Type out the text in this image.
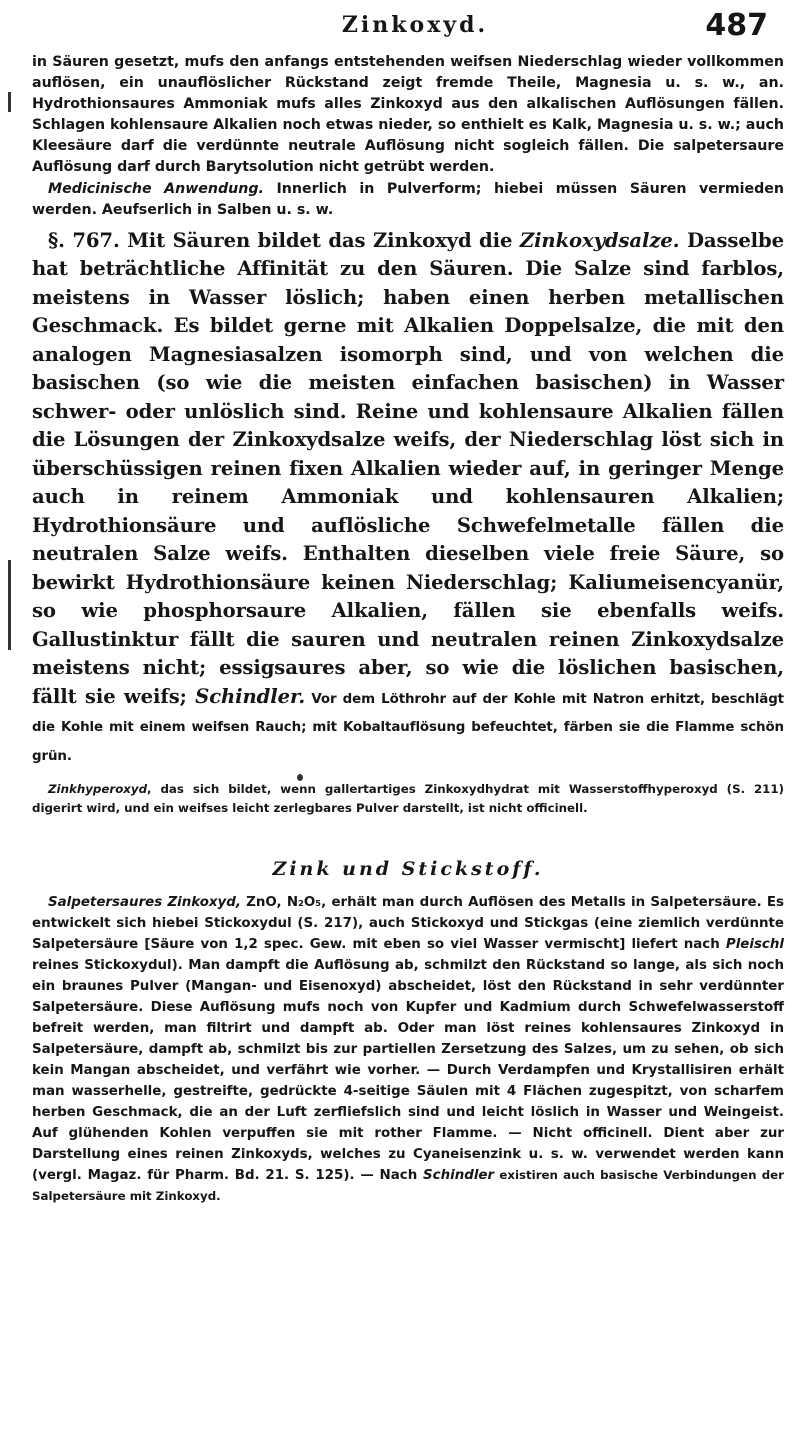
Zinkoxyd.	487

in Säuren gesetzt, mufs den anfangs entstehenden weifsen Niederschlag wieder vollkommen auflösen, ein unauflöslicher Rückstand zeigt fremde Theile, Magnesia u. s. w., an. Hydrothionsaures Ammoniak mufs alles Zinkoxyd aus den alkalischen Auflösungen fällen. Schlagen kohlensaure Alkalien noch etwas nieder, so enthielt es Kalk, Magnesia u. s. w.; auch Kleesäure darf die verdünnte neutrale Auflösung nicht sogleich fällen. Die salpetersaure Auflösung darf durch Barytsolution nicht getrübt werden.

Medicinische Anwendung. Innerlich in Pulverform; hiebei müssen Säuren vermieden werden. Aeufserlich in Salben u. s. w.

§. 767. Mit Säuren bildet das Zinkoxyd die Zinkoxydsalze. Dasselbe hat beträchtliche Affinität zu den Säuren. Die Salze sind farblos, meistens in Wasser löslich; haben einen herben metallischen Geschmack. Es bildet gerne mit Alkalien Doppelsalze, die mit den analogen Magnesiasalzen isomorph sind, und von welchen die basischen (so wie die meisten einfachen basischen) in Wasser schwer- oder unlöslich sind. Reine und kohlensaure Alkalien fällen die Lösungen der Zinkoxydsalze weifs, der Niederschlag löst sich in überschüssigen reinen fixen Alkalien wieder auf, in geringer Menge auch in reinem Ammoniak und kohlensauren Alkalien; Hydrothionsäure und auflösliche Schwefelmetalle fällen die neutralen Salze weifs. Enthalten dieselben viele freie Säure, so bewirkt Hydrothionsäure keinen Niederschlag; Kaliumeisencyanür, so wie phosphorsaure Alkalien, fällen sie ebenfalls weifs. Gallustinktur fällt die sauren und neutralen reinen Zinkoxydsalze meistens nicht; essigsaures aber, so wie die löslichen basischen, fällt sie weifs; Schindler. Vor dem Löthrohr auf der Kohle mit Natron erhitzt, beschlägt die Kohle mit einem weifsen Rauch; mit Kobaltauflösung befeuchtet, färben sie die Flamme schön grün.

Zinkhyperoxyd, das sich bildet, wenn gallertartiges Zinkoxydhydrat mit Wasserstoffhyperoxyd (S. 211) digerirt wird, und ein weifses leicht zerlegbares Pulver darstellt, ist nicht officinell.

Zink und Stickstoff.

Salpetersaures Zinkoxyd, ZnO, N₂O₅, erhält man durch Auflösen des Metalls in Salpetersäure. Es entwickelt sich hiebei Stickoxydul (S. 217), auch Stickoxyd und Stickgas (eine ziemlich verdünnte Salpetersäure [Säure von 1,2 spec. Gew. mit eben so viel Wasser vermischt] liefert nach Pleischl reines Stickoxydul). Man dampft die Auflösung ab, schmilzt den Rückstand so lange, als sich noch ein braunes Pulver (Mangan- und Eisenoxyd) abscheidet, löst den Rückstand in sehr verdünnter Salpetersäure. Diese Auflösung mufs noch von Kupfer und Kadmium durch Schwefelwasserstoff befreit werden, man filtrirt und dampft ab. Oder man löst reines kohlensaures Zinkoxyd in Salpetersäure, dampft ab, schmilzt bis zur partiellen Zersetzung des Salzes, um zu sehen, ob sich kein Mangan abscheidet, und verfährt wie vorher. — Durch Verdampfen und Krystallisiren erhält man wasserhelle, gestreifte, gedrückte 4-seitige Säulen mit 4 Flächen zugespitzt, von scharfem herben Geschmack, die an der Luft zerfliefslich sind und leicht löslich in Wasser und Weingeist. Auf glühenden Kohlen verpuffen sie mit rother Flamme. — Nicht officinell. Dient aber zur Darstellung eines reinen Zinkoxyds, welches zu Cyaneisenzink u. s. w. verwendet werden kann (vergl. Magaz. für Pharm. Bd. 21. S. 125). — Nach Schindler existiren auch basische Verbindungen der Salpetersäure mit Zinkoxyd.
